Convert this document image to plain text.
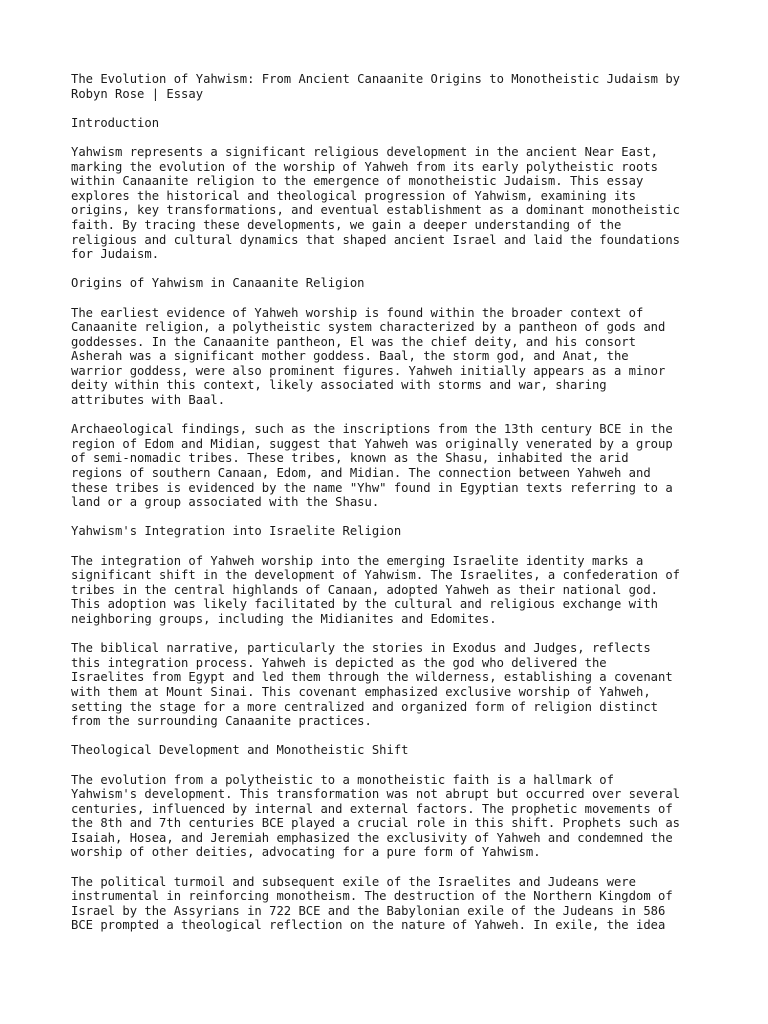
The Evolution of Yahwism: From Ancient Canaanite Origins to Monotheistic Judaism by
Robyn Rose | Essay
Introduction
Yahwism represents a significant religious development in the ancient Near East,
marking the evolution of the worship of Yahweh from its early polytheistic roots
within Canaanite religion to the emergence of monotheistic Judaism. This essay
explores the historical and theological progression of Yahwism, examining its
origins, key transformations, and eventual establishment as a dominant monotheistic
faith. By tracing these developments, we gain a deeper understanding of the
religious and cultural dynamics that shaped ancient Israel and laid the foundations
for Judaism.
Origins of Yahwism in Canaanite Religion
The earliest evidence of Yahweh worship is found within the broader context of
Canaanite religion, a polytheistic system characterized by a pantheon of gods and
goddesses. In the Canaanite pantheon, El was the chief deity, and his consort
Asherah was a significant mother goddess. Baal, the storm god, and Anat, the
warrior goddess, were also prominent figures. Yahweh initially appears as a minor
deity within this context, likely associated with storms and war, sharing
attributes with Baal.
Archaeological findings, such as the inscriptions from the 13th century BCE in the
region of Edom and Midian, suggest that Yahweh was originally venerated by a group
of semi-nomadic tribes. These tribes, known as the Shasu, inhabited the arid
regions of southern Canaan, Edom, and Midian. The connection between Yahweh and
these tribes is evidenced by the name "Yhw" found in Egyptian texts referring to a
land or a group associated with the Shasu.
Yahwism's Integration into Israelite Religion
The integration of Yahweh worship into the emerging Israelite identity marks a
significant shift in the development of Yahwism. The Israelites, a confederation of
tribes in the central highlands of Canaan, adopted Yahweh as their national god.
This adoption was likely facilitated by the cultural and religious exchange with
neighboring groups, including the Midianites and Edomites.
The biblical narrative, particularly the stories in Exodus and Judges, reflects
this integration process. Yahweh is depicted as the god who delivered the
Israelites from Egypt and led them through the wilderness, establishing a covenant
with them at Mount Sinai. This covenant emphasized exclusive worship of Yahweh,
setting the stage for a more centralized and organized form of religion distinct
from the surrounding Canaanite practices.
Theological Development and Monotheistic Shift
The evolution from a polytheistic to a monotheistic faith is a hallmark of
Yahwism's development. This transformation was not abrupt but occurred over several
centuries, influenced by internal and external factors. The prophetic movements of
the 8th and 7th centuries BCE played a crucial role in this shift. Prophets such as
Isaiah, Hosea, and Jeremiah emphasized the exclusivity of Yahweh and condemned the
worship of other deities, advocating for a pure form of Yahwism.
The political turmoil and subsequent exile of the Israelites and Judeans were
instrumental in reinforcing monotheism. The destruction of the Northern Kingdom of
Israel by the Assyrians in 722 BCE and the Babylonian exile of the Judeans in 586
BCE prompted a theological reflection on the nature of Yahweh. In exile, the idea
